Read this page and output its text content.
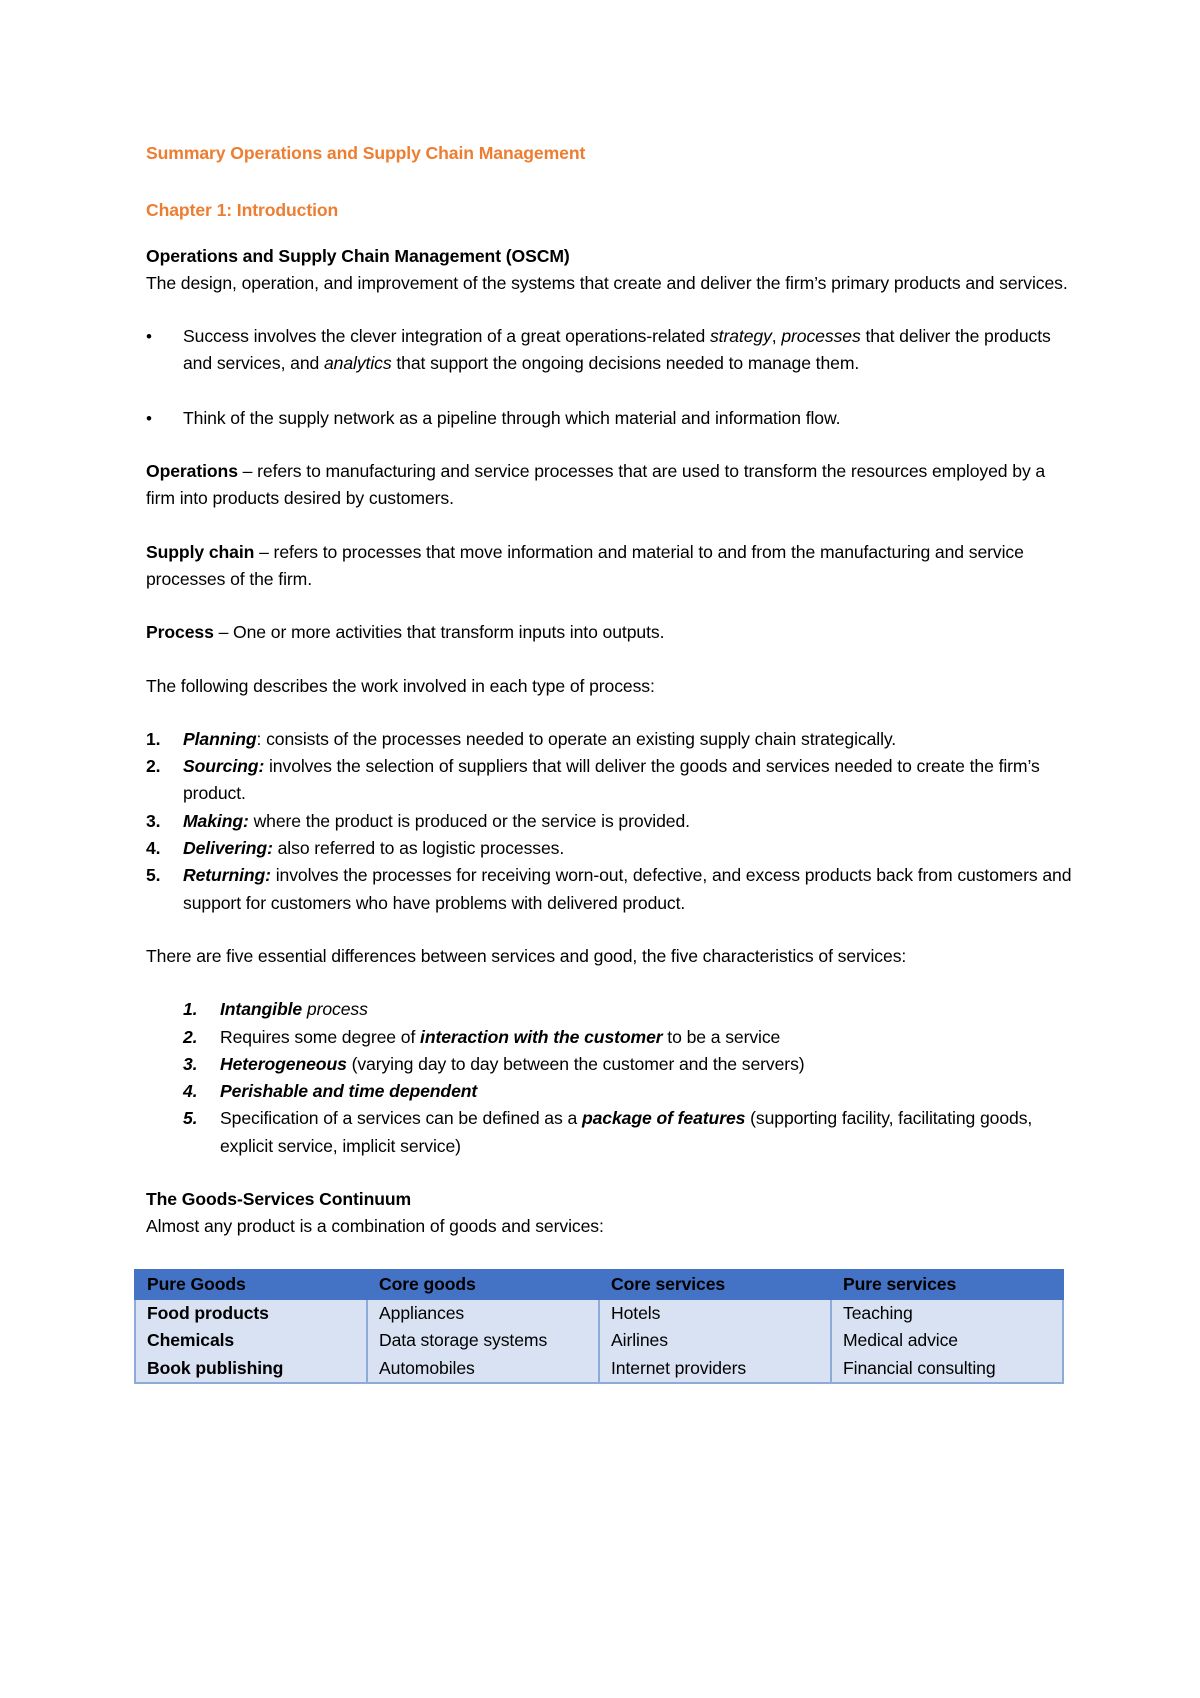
Summary Operations and Supply Chain Management

Chapter 1: Introduction

Operations and Supply Chain Management (OSCM)

The design, operation, and improvement of the systems that create and deliver the firm’s primary products and services.

• Success involves the clever integration of a great operations-related strategy, processes that deliver the products and services, and analytics that support the ongoing decisions needed to manage them.
• Think of the supply network as a pipeline through which material and information flow.

Operations – refers to manufacturing and service processes that are used to transform the resources employed by a firm into products desired by customers.

Supply chain – refers to processes that move information and material to and from the manufacturing and service processes of the firm.

Process – One or more activities that transform inputs into outputs.

The following describes the work involved in each type of process:

1. Planning: consists of the processes needed to operate an existing supply chain strategically.
2. Sourcing: involves the selection of suppliers that will deliver the goods and services needed to create the firm’s product.
3. Making: where the product is produced or the service is provided.
4. Delivering: also referred to as logistic processes.
5. Returning: involves the processes for receiving worn-out, defective, and excess products back from customers and support for customers who have problems with delivered product.

There are five essential differences between services and good, the five characteristics of services:

1. Intangible process
2. Requires some degree of interaction with the customer to be a service
3. Heterogeneous (varying day to day between the customer and the servers)
4. Perishable and time dependent
5. Specification of a services can be defined as a package of features (supporting facility, facilitating goods, explicit service, implicit service)

The Goods-Services Continuum

Almost any product is a combination of goods and services:

Pure Goods	Core goods	Core services	Pure services
Food products	Appliances	Hotels	Teaching
Chemicals	Data storage systems	Airlines	Medical advice
Book publishing	Automobiles	Internet providers	Financial consulting
